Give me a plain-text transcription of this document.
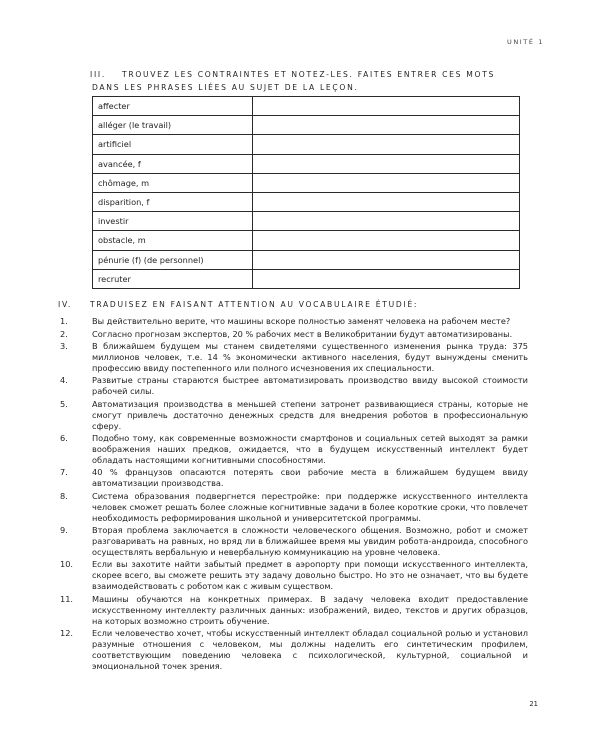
UNITÉ 1
III. TROUVEZ LES CONTRAINTES ET NOTEZ-LES. FAITES ENTRER CES MOTS DANS LES PHRASES LIÉES AU SUJET DE LA LEÇON.
affecter	
alléger (le travail)	
artificiel	
avancée, f	
chômage, m	
disparition, f	
investir	
obstacle, m	
pénurie (f) (de personnel)	
recruter	
IV. TRADUISEZ EN FAISANT ATTENTION AU VOCABULAIRE ÉTUDIÉ:
1.	Вы действительно верите, что машины вскоре полностью заменят человека на рабочем месте?
2.	Согласно прогнозам экспертов, 20 % рабочих мест в Великобритании будут автоматизированы.
3.	В ближайшем будущем мы станем свидетелями существенного изменения рынка труда: 375 миллионов человек, т.е. 14 % экономически активного населения, будут вынуждены сменить профессию ввиду постепенного или полного исчезновения их специальности.
4.	Развитые страны стараются быстрее автоматизировать производство ввиду высокой стоимости рабочей силы.
5.	Автоматизация производства в меньшей степени затронет развивающиеся страны, которые не смогут привлечь достаточно денежных средств для внедрения роботов в профессиональную сферу.
6.	Подобно тому, как современные возможности смартфонов и социальных сетей выходят за рамки воображения наших предков, ожидается, что в будущем искусственный интеллект будет обладать настоящими когнитивными способностями.
7.	40 % французов опасаются потерять свои рабочие места в ближайшем будущем ввиду автоматизации производства.
8.	Система образования подвергнется перестройке: при поддержке искусственного интеллекта человек сможет решать более сложные когнитивные задачи в более короткие сроки, что повлечет необходимость реформирования школьной и университетской программы.
9.	Вторая проблема заключается в сложности человеческого общения. Возможно, робот и сможет разговаривать на равных, но вряд ли в ближайшее время мы увидим робота-андроида, способного осуществлять вербальную и невербальную коммуникацию на уровне человека.
10. Если вы захотите найти забытый предмет в аэропорту при помощи искусственного интеллекта, скорее всего, вы сможете решить эту задачу довольно быстро. Но это не означает, что вы будете взаимодействовать с роботом как с живым существом.
11. Машины обучаются на конкретных примерах. В задачу человека входит предоставление искусственному интеллекту различных данных: изображений, видео, текстов и других образцов, на которых возможно строить обучение.
12. Если человечество хочет, чтобы искусственный интеллект обладал социальной ролью и установил разумные отношения с человеком, мы должны наделить его синтетическим профилем, соответствующим поведению человека с психологической, культурной, социальной и эмоциональной точек зрения.
21
